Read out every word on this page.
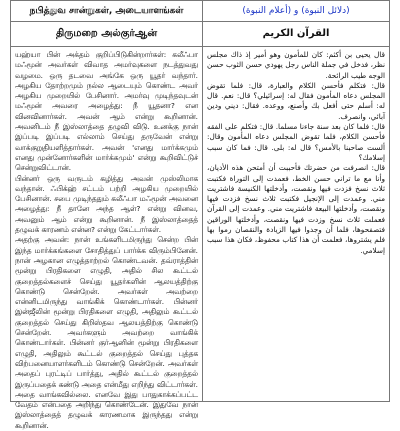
நபித்துவ சான்றுகள், அடையாளங்கள்	(دلائل النبوة) و (أعلام النبوة)
திருமறை அல்குர்ஆன்	القرآن الكريم

யஹ்யா பின் அக்தம் குறிப்பிடுகின்றார்கள்: கலீஃபா மஃமூன் அவர்கள் விவாத அமர்வுகளை நடத்துவது வழமை. ஒரு தடவை அங்கே ஒரு யூதர் வந்தார். அழகிய தோற்றமும் நல்ல ஆடையும் கொண்ட அவர் அழகிய முறையில் பேசினார். அமர்வு முடிந்தவுடன் மஃமூன் அவரை அழைத்து: நீ யூதனா? என வினவினார்கள். அவன் ஆம் என்று கூறினான். அவனிடம் நீ இஸ்லாத்தை தழுவி விடு. உனக்கு நான் இப்படி இப்படி எல்லாம் செய்து தருவேன் என்று வாக்குறுதியளித்தார்கள். அவன் 'எனது மார்க்கமும் எனது முன்னோர்களின் மார்க்கமும்' என்று கூறிவிட்டுச் சென்றுவிட்டான்.

பின்னர் ஒரு வருடம் கழித்து அவன் முஸ்லிமாக வந்தான். ஃபிக்ஹ் சட்டம் பற்றி அழகிய முறையில் பேசினான். சபை முடிந்ததும் கலீஃபா மஃமூன் அவனை அழைத்து: நீ தானே அந்த ஆள்? என்று வினவ, அவனும் ஆம் என்று கூறினான். நீ இஸ்லாத்தைத் தழுவக் காரணம் என்ன? என்று கேட்டார்கள்.

அதற்கு அவன்: நான் உங்களிடமிருந்து சென்ற பின் இந்த மார்க்கங்களை சோதித்துப் பார்க்க விரும்பினேன். நான் அழகான எழுத்தாற்றல் கொண்டவன். தவ்ராத்தின் மூன்று பிரதிகளை எழுதி, அதில் சில கூட்டல் குறைத்தல்களைச் செய்து யூதர்களின் ஆலயத்திற்கு கொண்டு சென்றேன். அவர்கள் அவற்றை என்னிடமிருந்து வாங்கிக் கொண்டார்கள். பின்னர் இன்ஜீலின் மூன்று பிரதிகளை எழுதி, அதிலும் கூட்டல் குறைத்தல் செய்து கிறிஸ்தவ ஆலயத்திற்கு கொண்டு சென்றேன். அவர்களும் அவற்றை வாங்கிக் கொண்டார்கள். பின்னர் குர்ஆனின் மூன்று பிரதிகளை எழுதி, அதிலும் கூட்டல் குறைத்தல் செய்து புத்தக விற்பனையாளர்களிடம் கொண்டு சென்றேன். அவர்கள் அதைப் புரட்டிப் பார்த்து, அதில் கூட்டல் குறைத்தல் இருப்பதைக் கண்டு அதை என்மீது எறிந்து விட்டார்கள். அதை வாங்கவில்லை. எனவே இது பாதுகாக்கப்பட்ட வேதம் என்பதை அறிந்து கொண்டேன். இதுவே நான் இஸ்லாத்தைத் தழுவக் காரணமாக இருந்தது என்று கூறினான்.

قال يحيى بن أكثم: كان للمأمون وهو أمير إذ ذاك مجلس نظر، فدخل في جملة الناس رجل يهودي حسن الثوب حسن الوجه طيب الرائحة.

قال: فتكلم فأحسن الكلام والعبارة، قال: فلما تقوض المجلس دعاه المأمون فقال له: إسرائيلي؟ قال: نعم. قال له: أسلم حتى أفعل بك وأصنع، ووعده. فقال: ديني ودين آبائي، وانصرف.

قال: فلما كان بعد سنة جاءنا مسلما. قال: فتكلم على الفقه فأحسن الكلام، فلما تقوض المجلس دعاه المأمون وقال: ألست صاحبنا بالأمس؟ قال له: بلى. قال: فما كان سبب إسلامك؟

قال: انصرفت من حضرتك فأحببت أن أمتحن هذه الأديان، وأنا مع ما تراني حسن الخط، فعمدت إلى التوراة فكتبت ثلاث نسخ فزدت فيها ونقصت، وأدخلتها الكنيسة فاشتريت مني. وعمدت إلى الإنجيل فكتبت ثلاث نسخ فزدت فيها ونقصت، وأدخلتها البيعة فاشتريت مني. وعمدت إلى القرآن فعملت ثلاث نسخ وزدت فيها ونقصت، وأدخلتها الوراقين فتصفحوها، فلما أن وجدوا فيها الزيادة والنقصان رموا بها فلم يشتروها، فعلمت أن هذا كتاب محفوظ، فكان هذا سبب إسلامي.
